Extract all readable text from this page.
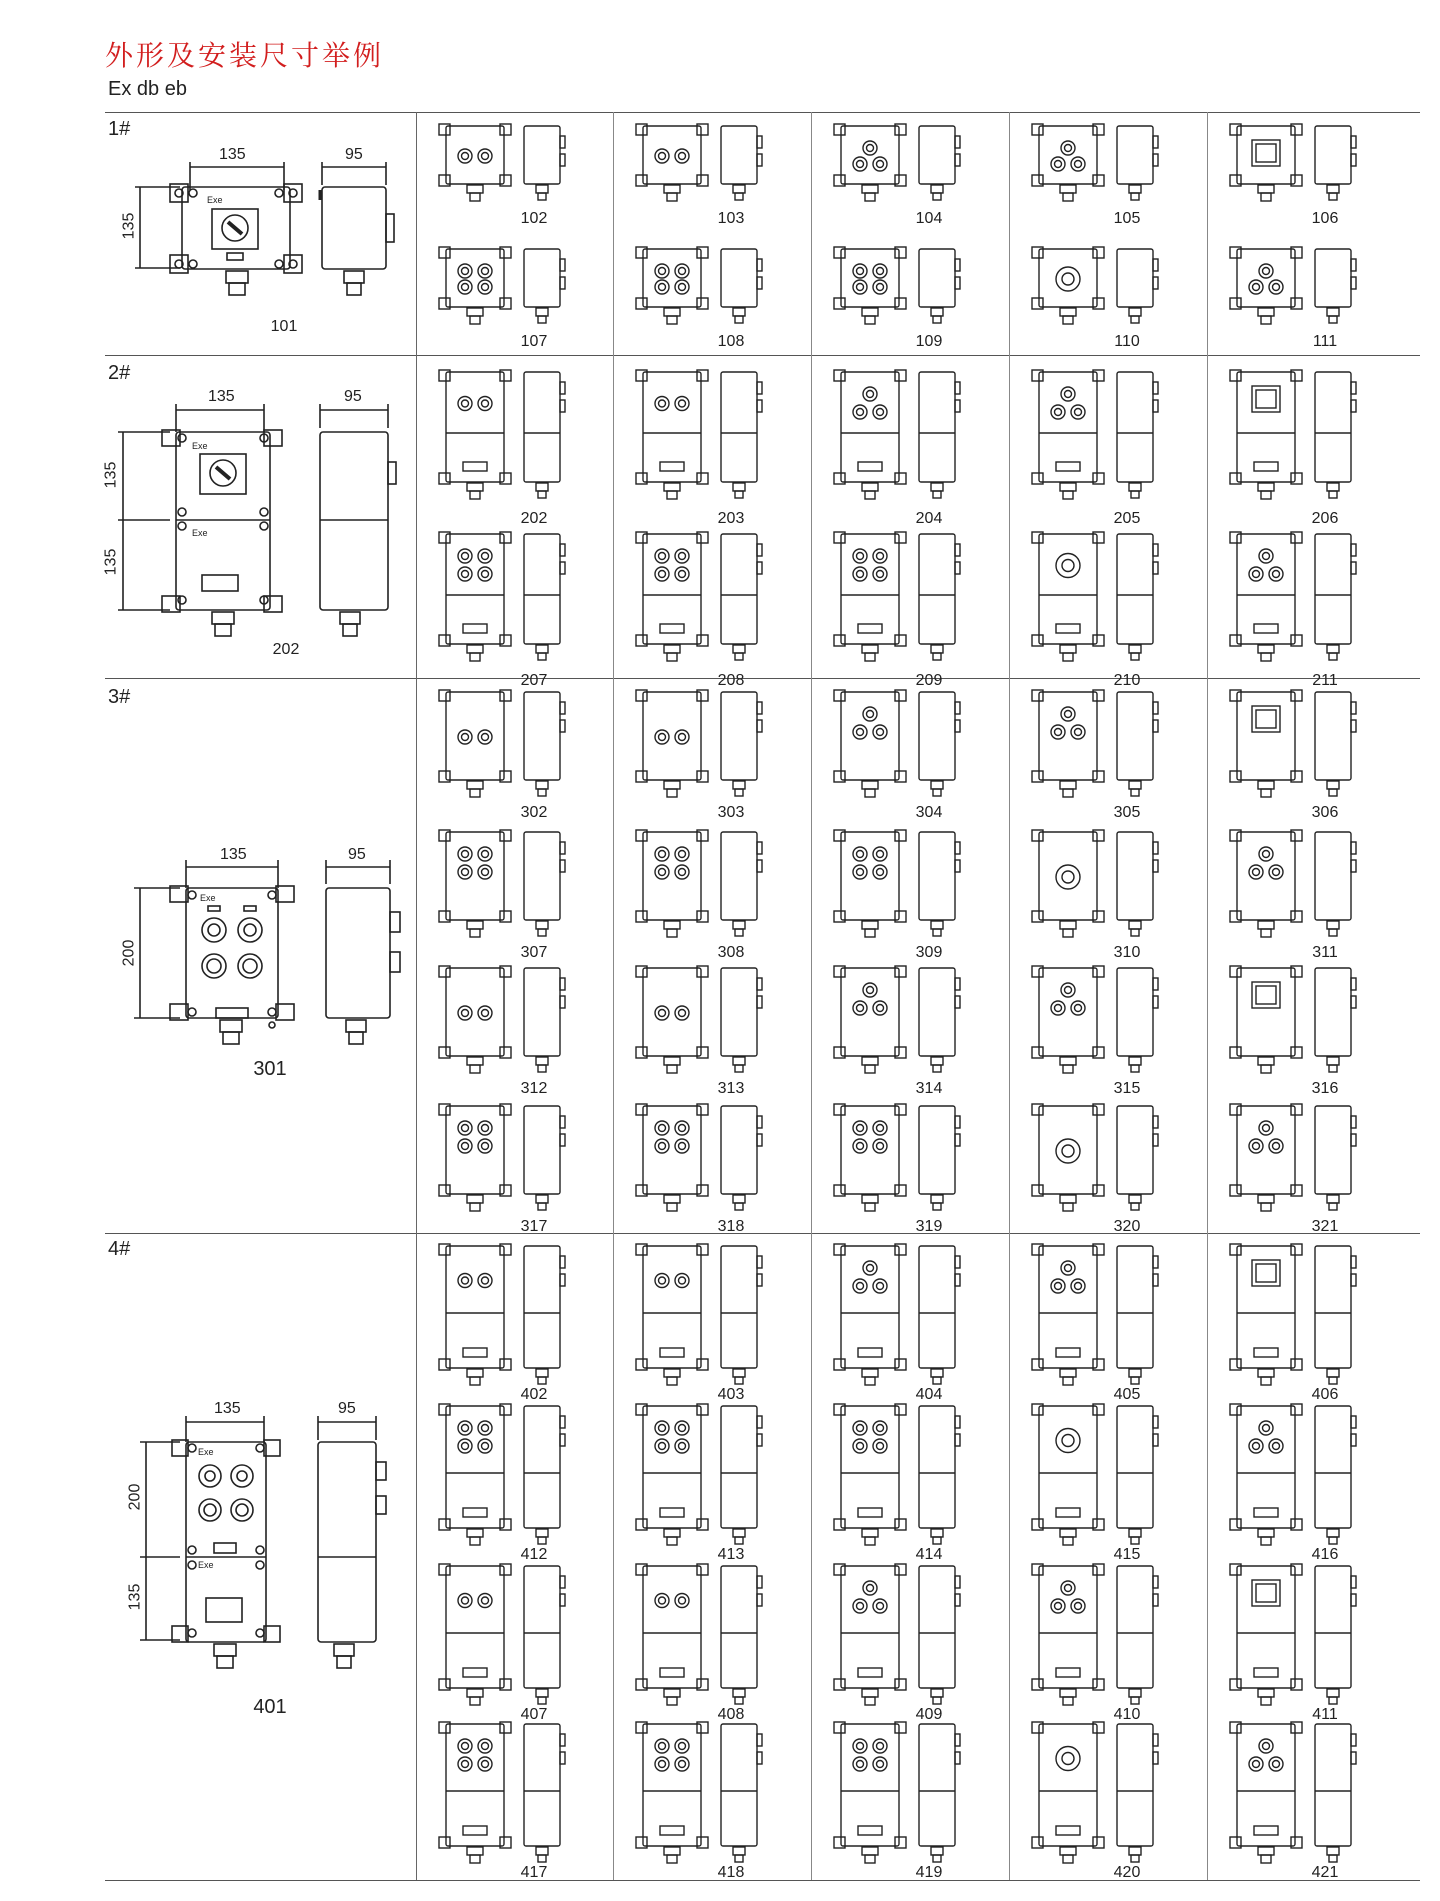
外形及安装尺寸举例
Ex db eb
1#
2#
3#
4#
Exe
135	95
135
101
Exe
Exe
135	95
135
135
202
Exe
135	95
200
301
Exe
Exe
135	95
200
135
401
102	103	104	105	106
107	108	109	110	111
202	203	204	205	206
207	208	209	210	211
302	303	304	305	306
307	308	309	310	311
312	313	314	315	316
317	318	319	320	321
402	403	404	405	406
412	413	414	415	416
407	408	409	410	411
417	418	419	420	421
